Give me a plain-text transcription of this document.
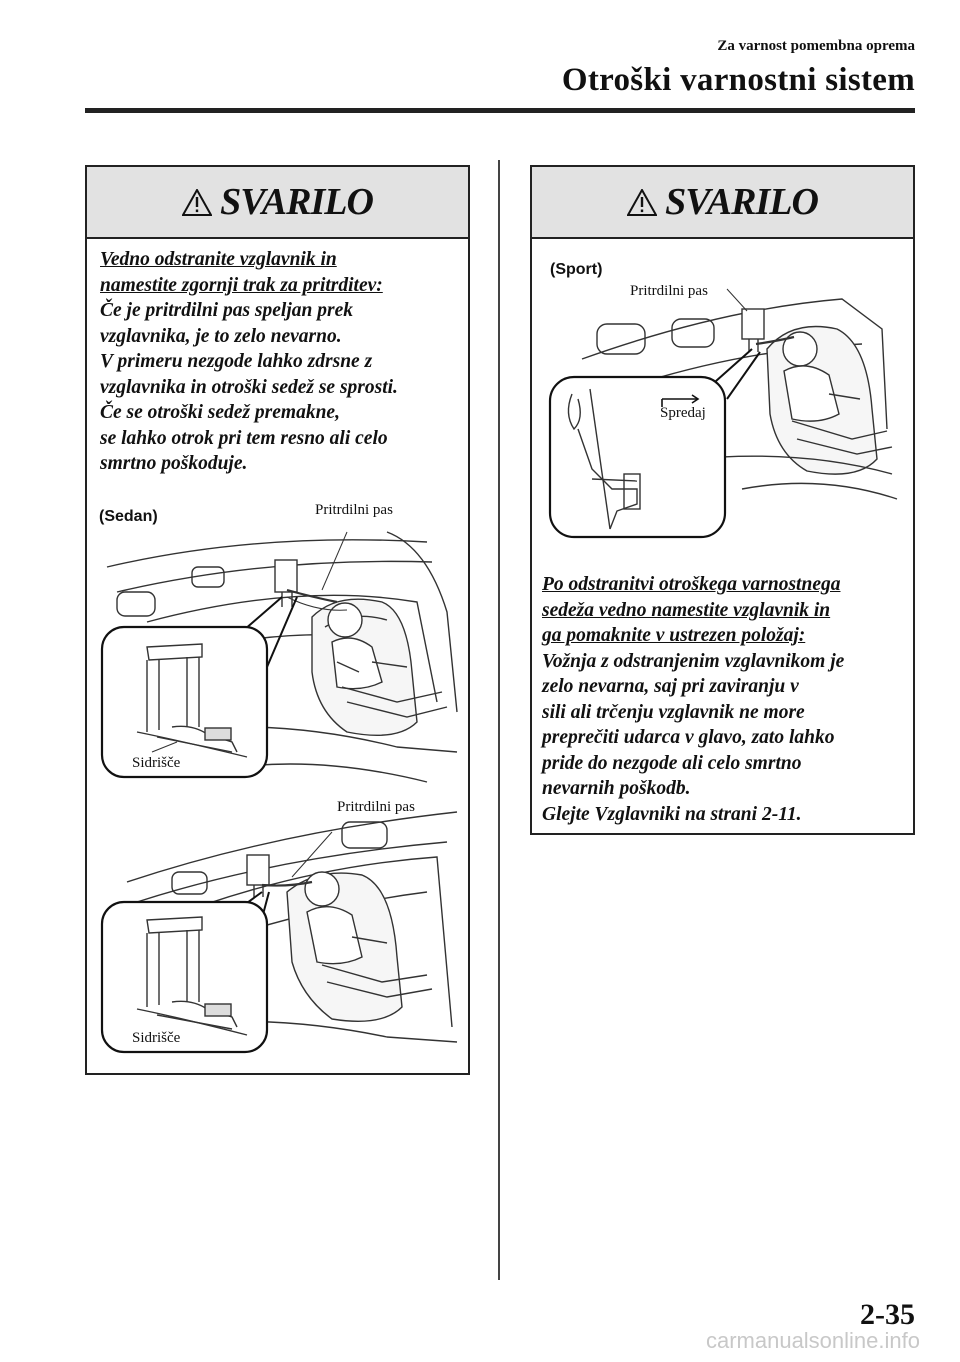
Za varnost pomembna oprema
Otroški varnostni sistem
SVARILO
Vedno odstranite vzglavnik in
namestite zgornji trak za pritrditev:
Če je pritrdilni pas speljan prek
vzglavnika, je to zelo nevarno.
V primeru nezgode lahko zdrsne z
vzglavnika in otroški sedež se sprosti.
Če se otroški sedež premakne,
se lahko otrok pri tem resno ali celo
smrtno poškoduje.
(Sedan)	Pritrdilni pas
Sidrišče
Pritrdilni pas
Sidrišče
SVARILO
(Sport)
Pritrdilni pas
Spredaj
Po odstranitvi otroškega varnostnega
sedeža vedno namestite vzglavnik in
ga pomaknite v ustrezen položaj:
Vožnja z odstranjenim vzglavnikom je
zelo nevarna, saj pri zaviranju v
sili ali trčenju vzglavnik ne more
preprečiti udarca v glavo, zato lahko
pride do nezgode ali celo smrtno
nevarnih poškodb.
Glejte Vzglavniki na strani 2-11.
2-35
carmanualsonline.info
